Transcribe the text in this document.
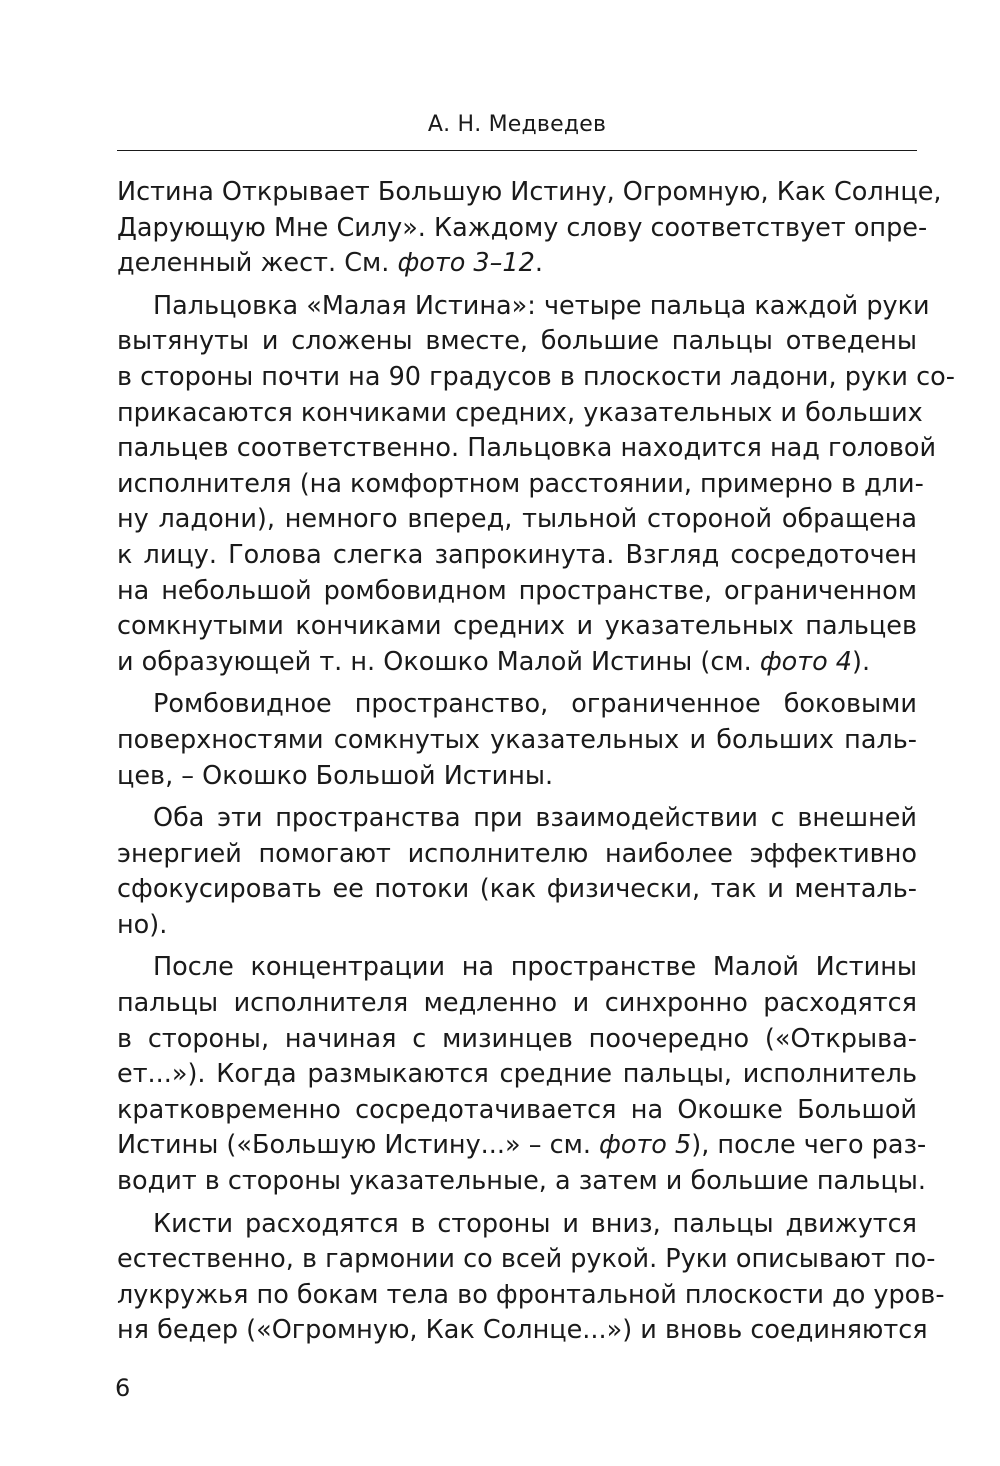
А. Н. Медведев
Истина Открывает Большую Истину, Огромную, Как Солнце,
Дарующую Мне Силу». Каждому слову соответствует опре-
деленный жест. См. фото 3–12.
Пальцовка «Малая Истина»: четыре пальца каждой руки
вытянуты и сложены вместе, большие пальцы отведены
в стороны почти на 90 градусов в плоскости ладони, руки со-
прикасаются кончиками средних, указательных и больших
пальцев соответственно. Пальцовка находится над головой
исполнителя (на комфортном расстоянии, примерно в дли-
ну ладони), немного вперед, тыльной стороной обращена
к лицу. Голова слегка запрокинута. Взгляд сосредоточен
на небольшой ромбовидном пространстве, ограниченном
сомкнутыми кончиками средних и указательных пальцев
и образующей т. н. Окошко Малой Истины (см. фото 4).
Ромбовидное пространство, ограниченное боковыми
поверхностями сомкнутых указательных и больших паль-
цев, – Окошко Большой Истины.
Оба эти пространства при взаимодействии с внешней
энергией помогают исполнителю наиболее эффективно
сфокусировать ее потоки (как физически, так и менталь-
но).
После концентрации на пространстве Малой Истины
пальцы исполнителя медленно и синхронно расходятся
в стороны, начиная с мизинцев поочередно («Открыва-
ет...»). Когда размыкаются средние пальцы, исполнитель
кратковременно сосредотачивается на Окошке Большой
Истины («Большую Истину...» – см. фото 5), после чего раз-
водит в стороны указательные, а затем и большие пальцы.
Кисти расходятся в стороны и вниз, пальцы движутся
естественно, в гармонии со всей рукой. Руки описывают по-
лукружья по бокам тела во фронтальной плоскости до уров-
ня бедер («Огромную, Как Солнце...») и вновь соединяются
6
